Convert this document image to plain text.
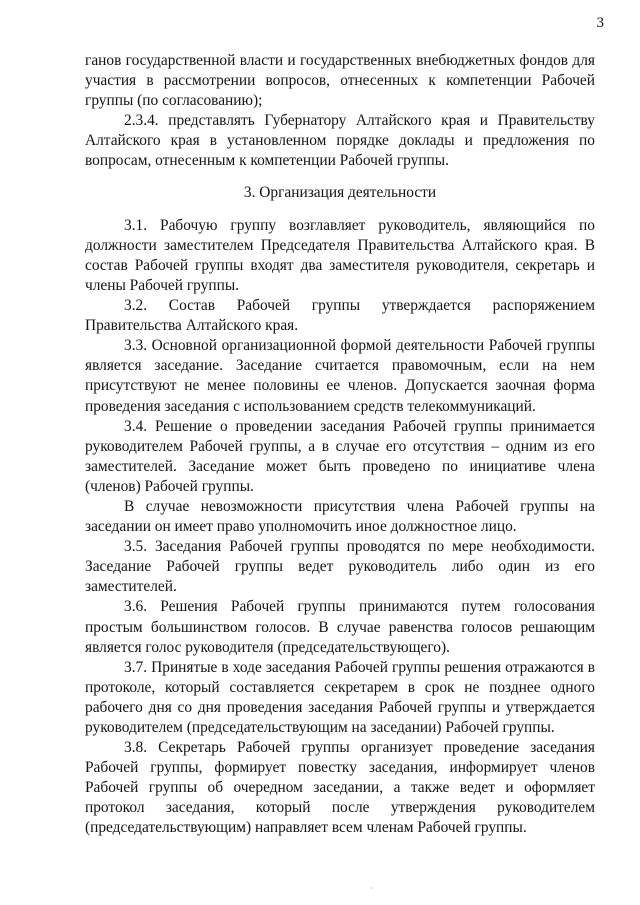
3

ганов государственной власти и государственных внебюджетных фондов для участия в рассмотрении вопросов, отнесенных к компетенции Рабочей группы (по согласованию);

2.3.4. представлять Губернатору Алтайского края и Правительству Алтайского края в установленном порядке доклады и предложения по вопросам, отнесенным к компетенции Рабочей группы.

3. Организация деятельности

3.1. Рабочую группу возглавляет руководитель, являющийся по должности заместителем Председателя Правительства Алтайского края. В состав Рабочей группы входят два заместителя руководителя, секретарь и члены Рабочей группы.

3.2. Состав Рабочей группы утверждается распоряжением Правительства Алтайского края.

3.3. Основной организационной формой деятельности Рабочей группы является заседание. Заседание считается правомочным, если на нем присутствуют не менее половины ее членов. Допускается заочная форма проведения заседания с использованием средств телекоммуникаций.

3.4. Решение о проведении заседания Рабочей группы принимается руководителем Рабочей группы, а в случае его отсутствия – одним из его заместителей. Заседание может быть проведено по инициативе члена (членов) Рабочей группы.

В случае невозможности присутствия члена Рабочей группы на заседании он имеет право уполномочить иное должностное лицо.

3.5. Заседания Рабочей группы проводятся по мере необходимости. Заседание Рабочей группы ведет руководитель либо один из его заместителей.

3.6. Решения Рабочей группы принимаются путем голосования простым большинством голосов. В случае равенства голосов решающим является голос руководителя (председательствующего).

3.7. Принятые в ходе заседания Рабочей группы решения отражаются в протоколе, который составляется секретарем в срок не позднее одного рабочего дня со дня проведения заседания Рабочей группы и утверждается руководителем (председательствующим на заседании) Рабочей группы.

3.8. Секретарь Рабочей группы организует проведение заседания Рабочей группы, формирует повестку заседания, информирует членов Рабочей группы об очередном заседании, а также ведет и оформляет протокол заседания, который после утверждения руководителем (председательствующим) направляет всем членам Рабочей группы.

·
